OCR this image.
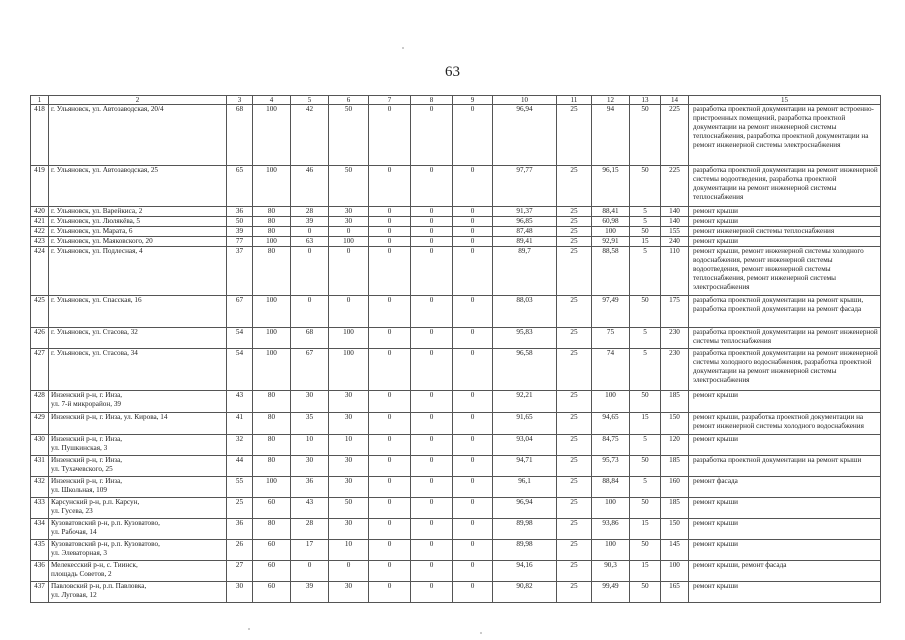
63
1	2	3	4	5	6	7	8	9	10	11	12	13	14	15
418	г. Ульяновск, ул. Автозаводская, 20/4	68	100	42	50	0	0	0	96,94	25	94	50	225	разработка проектной документации на ремонт встроенно-пристроенных помещений, разработка проектной документации на ремонт инженерной системы теплоснабжения, разработка проектной документации на ремонт инженерной системы электроснабжения
419	г. Ульяновск, ул. Автозаводская, 25	65	100	46	50	0	0	0	97,77	25	96,15	50	225	разработка проектной документации на ремонт инженерной системы водоотведения, разработка проектной документации на ремонт инженерной системы теплоснабжения
420	г. Ульяновск, ул. Варейкиса, 2	36	80	28	30	0	0	0	91,37	25	88,41	5	140	ремонт крыши
421	г. Ульяновск, ул. Люлякёва, 5	50	80	39	30	0	0	0	96,85	25	60,98	5	140	ремонт крыши
422	г. Ульяновск, ул. Марата, 6	39	80	0	0	0	0	0	87,48	25	100	50	155	ремонт инженерной системы теплоснабжения
423	г. Ульяновск, ул. Маяковского, 20	77	100	63	100	0	0	0	89,41	25	92,91	15	240	ремонт крыши
424	г. Ульяновск, ул. Подлесная, 4	37	80	0	0	0	0	0	89,7	25	88,58	5	110	ремонт крыши, ремонт инженерной системы холодного водоснабжения, ремонт инженерной системы водоотведения, ремонт инженерной системы теплоснабжения, ремонт инженерной системы электроснабжения
425	г. Ульяновск, ул. Спасская, 16	67	100	0	0	0	0	0	88,03	25	97,49	50	175	разработка проектной документации на ремонт крыши, разработка проектной документации на ремонт фасада
426	г. Ульяновск, ул. Стасова, 32	54	100	68	100	0	0	0	95,83	25	75	5	230	разработка проектной документации на ремонт инженерной системы теплоснабжения
427	г. Ульяновск, ул. Стасова, 34	54	100	67	100	0	0	0	96,58	25	74	5	230	разработка проектной документации на ремонт инженерной системы холодного водоснабжения, разработка проектной документации на ремонт инженерной системы электроснабжения
428	Инзенский р-н, г. Инза,
ул. 7-й микрорайон, 39	43	80	30	30	0	0	0	92,21	25	100	50	185	ремонт крыши
429	Инзенский р-н, г. Инза, ул. Кирова, 14	41	80	35	30	0	0	0	91,65	25	94,65	15	150	ремонт крыши, разработка проектной документации на ремонт инженерной системы холодного водоснабжения
430	Инзенский р-н, г. Инза,
ул. Пушкинская, 3	32	80	10	10	0	0	0	93,04	25	84,75	5	120	ремонт крыши
431	Инзенский р-н, г. Инза,
ул. Тухачевского, 25	44	80	30	30	0	0	0	94,71	25	95,73	50	185	разработка проектной документации на ремонт крыши
432	Инзенский р-н, г. Инза,
ул. Школьная, 109	55	100	36	30	0	0	0	96,1	25	88,84	5	160	ремонт фасада
433	Карсунский р-н, р.п. Карсун,
ул. Гусева, 23	25	60	43	50	0	0	0	96,94	25	100	50	185	ремонт крыши
434	Кузоватовский р-н, р.п. Кузоватово,
ул. Рабочая, 14	36	80	28	30	0	0	0	89,98	25	93,86	15	150	ремонт крыши
435	Кузоватовский р-н, р.п. Кузоватово,
ул. Элеваторная, 3	26	60	17	10	0	0	0	89,98	25	100	50	145	ремонт крыши
436	Мелекесский р-н, с. Тиинск,
площадь Советов, 2	27	60	0	0	0	0	0	94,16	25	90,3	15	100	ремонт крыши, ремонт фасада
437	Павловский р-н, р.п. Павловка,
ул. Луговая, 12	30	60	39	30	0	0	0	90,82	25	99,49	50	165	ремонт крыши
